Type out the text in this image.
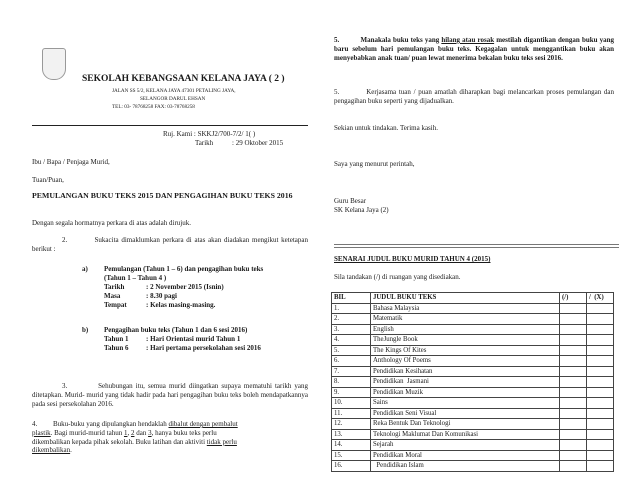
SEKOLAH KEBANGSAAN KELANA JAYA ( 2 )
JALAN SS 5/2, KELANA JAYA 47301 PETALING JAYA,
SELANGOR DARUL EHSAN
TEL: 03- 78768258 FAX: 03-78768258
Ruj. Kami : SKKJ2/700-7/2/ 1( )
Tarikh	: 29 Oktober 2015
Ibu / Bapa / Penjaga Murid,
Tuan/Puan,
PEMULANGAN BUKU TEKS 2015 DAN PENGAGIHAN BUKU TEKS 2016
Dengan segala hormatnya perkara di atas adalah dirujuk.
2.	Sukacita dimaklumkan perkara di atas akan diadakan mengikut ketetapan berikut :
a) Pemulangan (Tahun 1 – 6) dan pengagihan buku teks
(Tahun 1 – Tahun 4 )
Tarikh	: 2 November 2015 (Isnin)
Masa	: 8.30 pagi
Tempat	: Kelas masing-masing.
b) Pengagihan buku teks (Tahun 1 dan 6 sesi 2016)
Tahun 1	: Hari Orientasi murid Tahun 1
Tahun 6	: Hari pertama persekolahan sesi 2016
3.	Sehubungan itu, semua murid diingatkan supaya mematuhi tarikh yang ditetapkan. Murid- murid yang tidak hadir pada hari pengagihan buku teks boleh mendapatkannya pada sesi persekolahan 2016.
4. Buku-buku yang dipulangkan hendaklah dibalut dengan pembalut
plastik. Bagi murid-murid tahun 1, 2 dan 3, hanya buku teks perlu
dikembalikan kepada pihak sekolah. Buku latihan dan aktiviti tidak perlu
dikembalikan.
5.	Manakala buku teks yang hilang atau rosak mestilah digantikan dengan buku yang baru sebelum hari pemulangan buku teks. Kegagalan untuk menggantikan buku akan menyebabkan anak tuan/ puan lewat menerima bekalan buku teks sesi 2016.
5.	Kerjasama tuan / puan amatlah diharapkan bagi melancarkan proses pemulangan dan pengagihan buku seperti yang dijadualkan.
Sekian untuk tindakan. Terima kasih.
Saya yang menurut perintah,
Guru Besar
SK Kelana Jaya (2)
SENARAI JUDUL BUKU MURID TAHUN 4 (2015)
Sila tandakan (/) di ruangan yang disediakan.
BIL	JUDUL BUKU TEKS	(/)	/ (X)
1.	Bahasa Malaysia		
2.	Matematik		
3.	English		
4.	TheJungle Book		
5.	The Kings Of Kites		
6.	Anthology Of Poems		
7.	Pendidikan Kesihatan		
8.	Pendidikan  Jasmani		
9.	Pendidikan Muzik		
10.	Sains		
11.	Pendidikan Seni Visual		
12.	Reka Bentuk Dan Teknologi		
13.	Teknologi Maklumat Dan Komunikasi		
14.	Sejarah		
15.	Pendidikan Moral		
16.	Pendidikan Islam		
